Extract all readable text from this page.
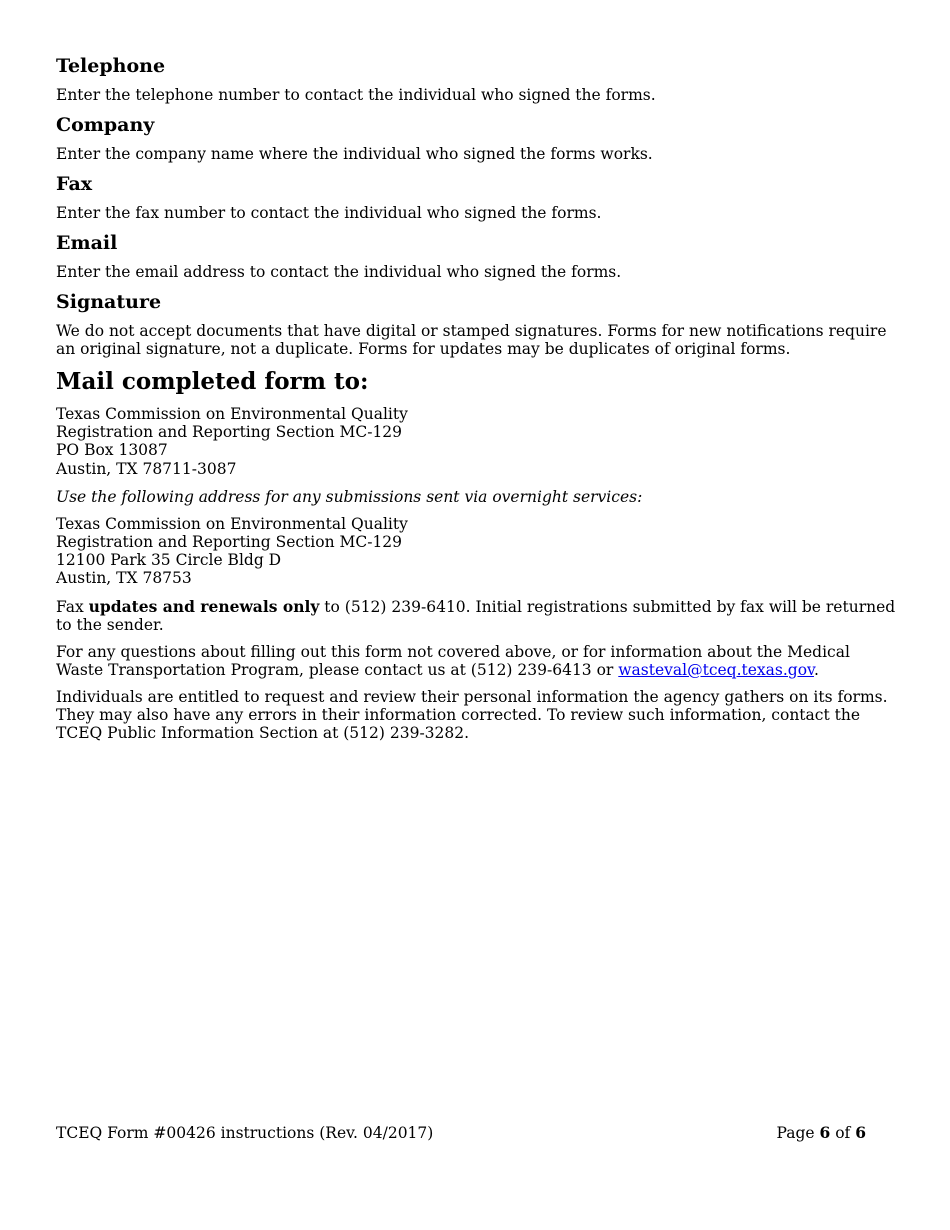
Telephone

Enter the telephone number to contact the individual who signed the forms.

Company

Enter the company name where the individual who signed the forms works.

Fax

Enter the fax number to contact the individual who signed the forms.

Email

Enter the email address to contact the individual who signed the forms.

Signature

We do not accept documents that have digital or stamped signatures. Forms for new notifications require an original signature, not a duplicate. Forms for updates may be duplicates of original forms.

Mail completed form to:
Texas Commission on Environmental Quality
Registration and Reporting Section MC-129
PO Box 13087
Austin, TX 78711-3087

Use the following address for any submissions sent via overnight services:

Texas Commission on Environmental Quality
Registration and Reporting Section MC-129
12100 Park 35 Circle Bldg D
Austin, TX 78753

Fax updates and renewals only to (512) 239-6410. Initial registrations submitted by fax will be returned to the sender.

For any questions about filling out this form not covered above, or for information about the Medical Waste Transportation Program, please contact us at (512) 239-6413 or wasteval@tceq.texas.gov.

Individuals are entitled to request and review their personal information the agency gathers on its forms. They may also have any errors in their information corrected. To review such information, contact the TCEQ Public Information Section at (512) 239-3282.

TCEQ Form #00426 instructions (Rev. 04/2017)	Page 6 of 6
